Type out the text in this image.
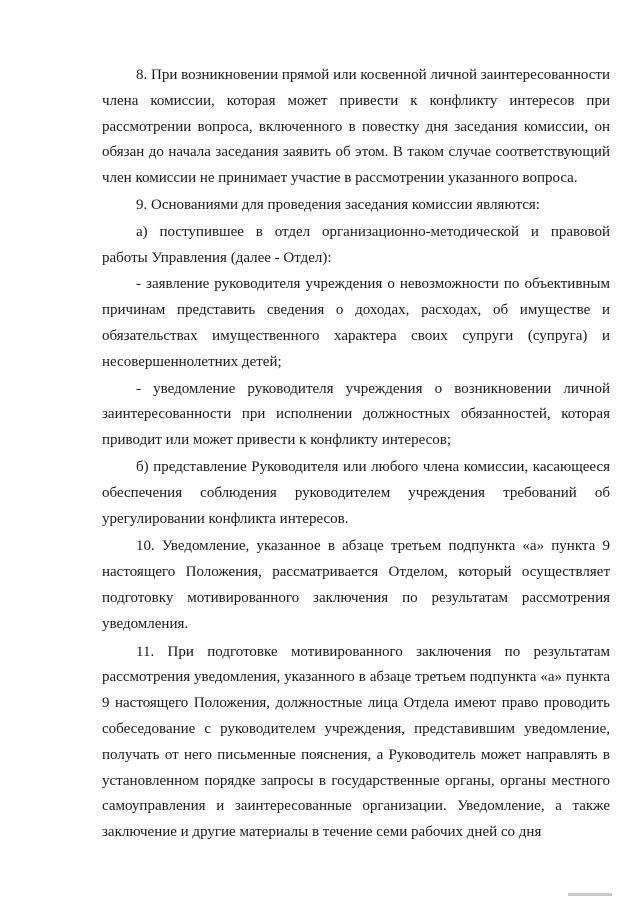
8. При возникновении прямой или косвенной личной заинтересованности члена комиссии, которая может привести к конфликту интересов при рассмотрении вопроса, включенного в повестку дня заседания комиссии, он обязан до начала заседания заявить об этом. В таком случае соответствующий член комиссии не принимает участие в рассмотрении указанного вопроса.

9. Основаниями для проведения заседания комиссии являются:

а) поступившее в отдел организационно-методической и правовой работы Управления (далее - Отдел):

- заявление руководителя учреждения о невозможности по объективным причинам представить сведения о доходах, расходах, об имуществе и обязательствах имущественного характера своих супруги (супруга) и несовершеннолетних детей;

- уведомление руководителя учреждения о возникновении личной заинтересованности при исполнении должностных обязанностей, которая приводит или может привести к конфликту интересов;

б) представление Руководителя или любого члена комиссии, касающееся обеспечения соблюдения руководителем учреждения требований об урегулировании конфликта интересов.

10. Уведомление, указанное в абзаце третьем подпункта «а» пункта 9 настоящего Положения, рассматривается Отделом, который осуществляет подготовку мотивированного заключения по результатам рассмотрения уведомления.

11. При подготовке мотивированного заключения по результатам рассмотрения уведомления, указанного в абзаце третьем подпункта «а» пункта 9 настоящего Положения, должностные лица Отдела имеют право проводить собеседование с руководителем учреждения, представившим уведомление, получать от него письменные пояснения, а Руководитель может направлять в установленном порядке запросы в государственные органы, органы местного самоуправления и заинтересованные организации. Уведомление, а также заключение и другие материалы в течение семи рабочих дней со дня
